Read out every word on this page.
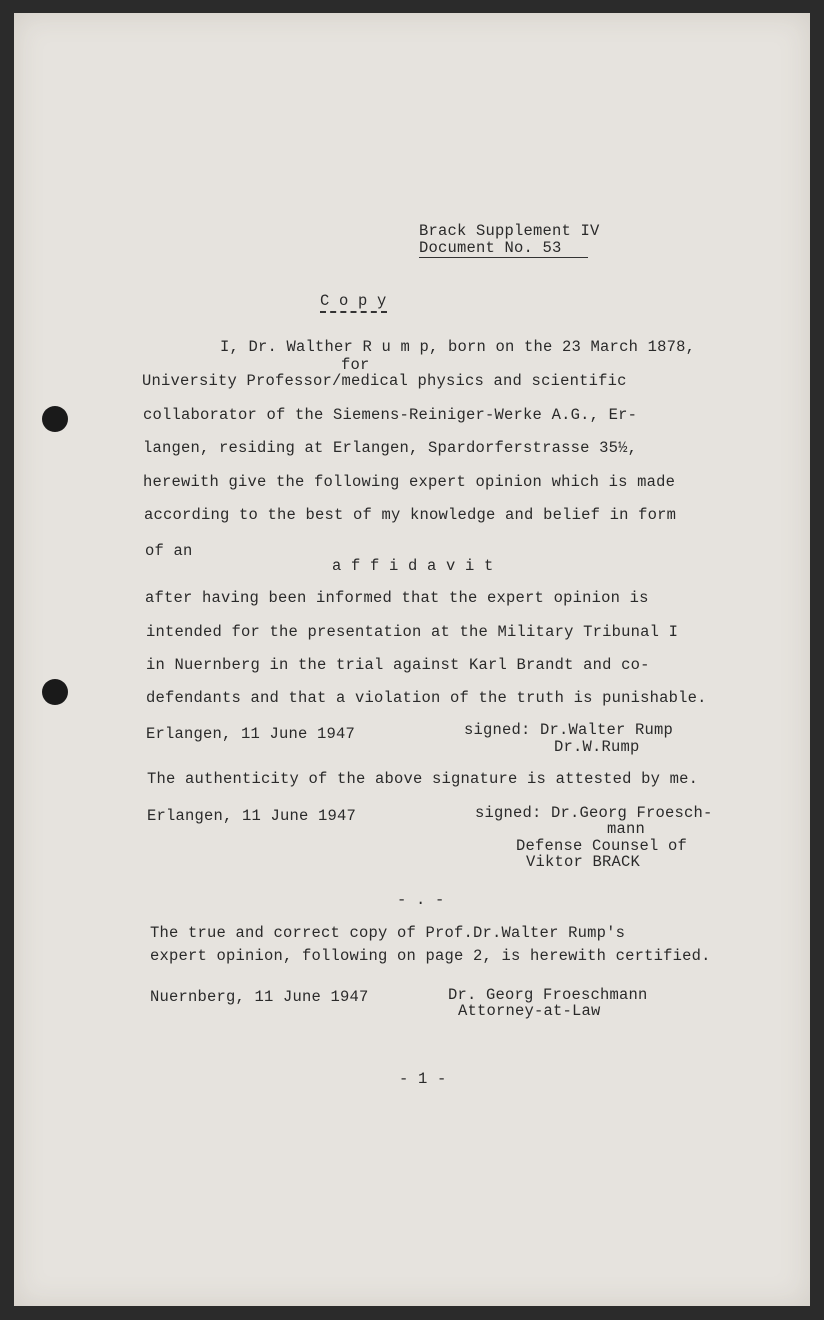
Brack Supplement IV
Document No. 53
C o p y
I, Dr. Walther R u m p, born on the 23 March 1878,
for
University Professor/medical physics and scientific
collaborator of the Siemens-Reiniger-Werke A.G., Er-
langen, residing at Erlangen, Spardorferstrasse 35½,
herewith give the following expert opinion which is made
according to the best of my knowledge and belief in form
of an
a f f i d a v i t
after having been informed that the expert opinion is
intended for the presentation at the Military Tribunal I
in Nuernberg in the trial against Karl Brandt and co-
defendants and that a violation of the truth is punishable.
Erlangen, 11 June 1947	signed: Dr.Walter Rump
Dr.W.Rump
The authenticity of the above signature is attested by me.
Erlangen, 11 June 1947	signed: Dr.Georg Froesch-
mann
Defense Counsel of
Viktor BRACK
- . -
The true and correct copy of Prof.Dr.Walter Rump's
expert opinion, following on page 2, is herewith certified.
Nuernberg, 11 June 1947	Dr. Georg Froeschmann
Attorney-at-Law
- 1 -
